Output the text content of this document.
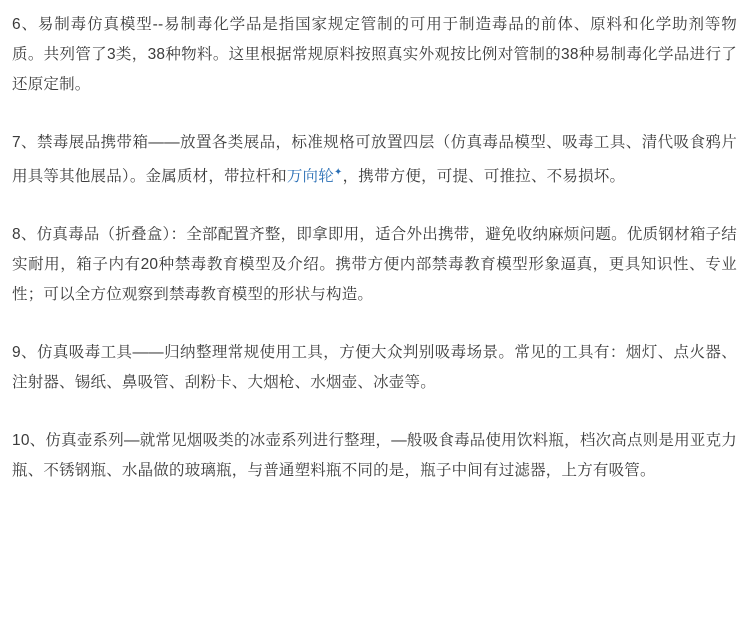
6、易制毒仿真模型--易制毒化学品是指国家规定管制的可用于制造毒品的前体、原料和化学助剂等物质。共列管了3类，38种物料。这里根据常规原料按照真实外观按比例对管制的38种易制毒化学品进行了还原定制。

7、禁毒展品携带箱——放置各类展品，标准规格可放置四层（仿真毒品模型、吸毒工具、清代吸食鸦片用具等其他展品）。金属质材，带拉杆和万向轮✦，携带方便，可提、可推拉、不易损坏。

8、仿真毒品（折叠盒）：全部配置齐整，即拿即用，适合外出携带，避免收纳麻烦问题。优质钢材箱子结实耐用，箱子内有20种禁毒教育模型及介绍。携带方便内部禁毒教育模型形象逼真，更具知识性、专业性；可以全方位观察到禁毒教育模型的形状与构造。

9、仿真吸毒工具——归纳整理常规使用工具，方便大众判别吸毒场景。常见的工具有：烟灯、点火器、注射器、锡纸、鼻吸管、刮粉卡、大烟枪、水烟壶、冰壶等。

10、仿真壶系列—就常见烟吸类的冰壶系列进行整理，—般吸食毒品使用饮料瓶，档次高点则是用亚克力瓶、不锈钢瓶、水晶做的玻璃瓶，与普通塑料瓶不同的是，瓶子中间有过滤器，上方有吸管。
